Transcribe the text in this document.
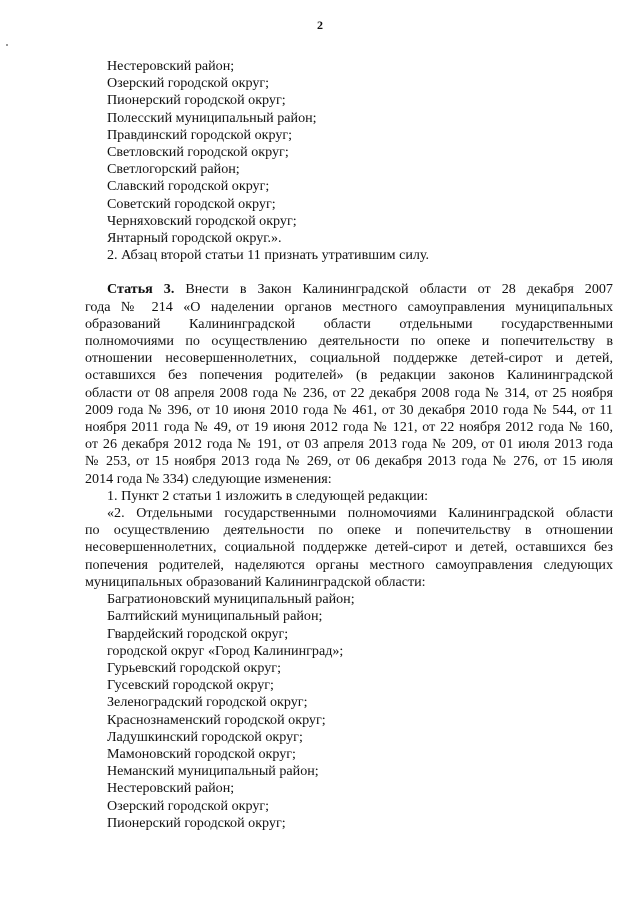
2
Нестеровский район;
Озерский городской округ;
Пионерский городской округ;
Полесский муниципальный район;
Правдинский городской округ;
Светловский городской округ;
Светлогорский район;
Славский городской округ;
Советский городской округ;
Черняховский городской округ;
Янтарный городской округ.».
2. Абзац второй статьи 11 признать утратившим силу.
Статья 3. Внести в Закон Калининградской области от 28 декабря 2007
года № 214 «О наделении органов местного самоуправления муниципальных
образований Калининградской области отдельными государственными
полномочиями по осуществлению деятельности по опеке и попечительству в
отношении несовершеннолетних, социальной поддержке детей-сирот и детей,
оставшихся без попечения родителей» (в редакции законов Калининградской
области от 08 апреля 2008 года № 236, от 22 декабря 2008 года № 314, от 25 ноября
2009 года № 396, от 10 июня 2010 года № 461, от 30 декабря 2010 года № 544, от 11
ноября 2011 года № 49, от 19 июня 2012 года № 121, от 22 ноября 2012 года № 160,
от 26 декабря 2012 года № 191, от 03 апреля 2013 года № 209, от 01 июля 2013 года
№ 253, от 15 ноября 2013 года № 269, от 06 декабря 2013 года № 276, от 15 июля
2014 года № 334) следующие изменения:
1. Пункт 2 статьи 1 изложить в следующей редакции:
«2. Отдельными государственными полномочиями Калининградской области
по осуществлению деятельности по опеке и попечительству в отношении
несовершеннолетних, социальной поддержке детей-сирот и детей, оставшихся без
попечения родителей, наделяются органы местного самоуправления следующих
муниципальных образований Калининградской области:
Багратионовский муниципальный район;
Балтийский муниципальный район;
Гвардейский городской округ;
городской округ «Город Калининград»;
Гурьевский городской округ;
Гусевский городской округ;
Зеленоградский городской округ;
Краснознаменский городской округ;
Ладушкинский городской округ;
Мамоновский городской округ;
Неманский муниципальный район;
Нестеровский район;
Озерский городской округ;
Пионерский городской округ;
